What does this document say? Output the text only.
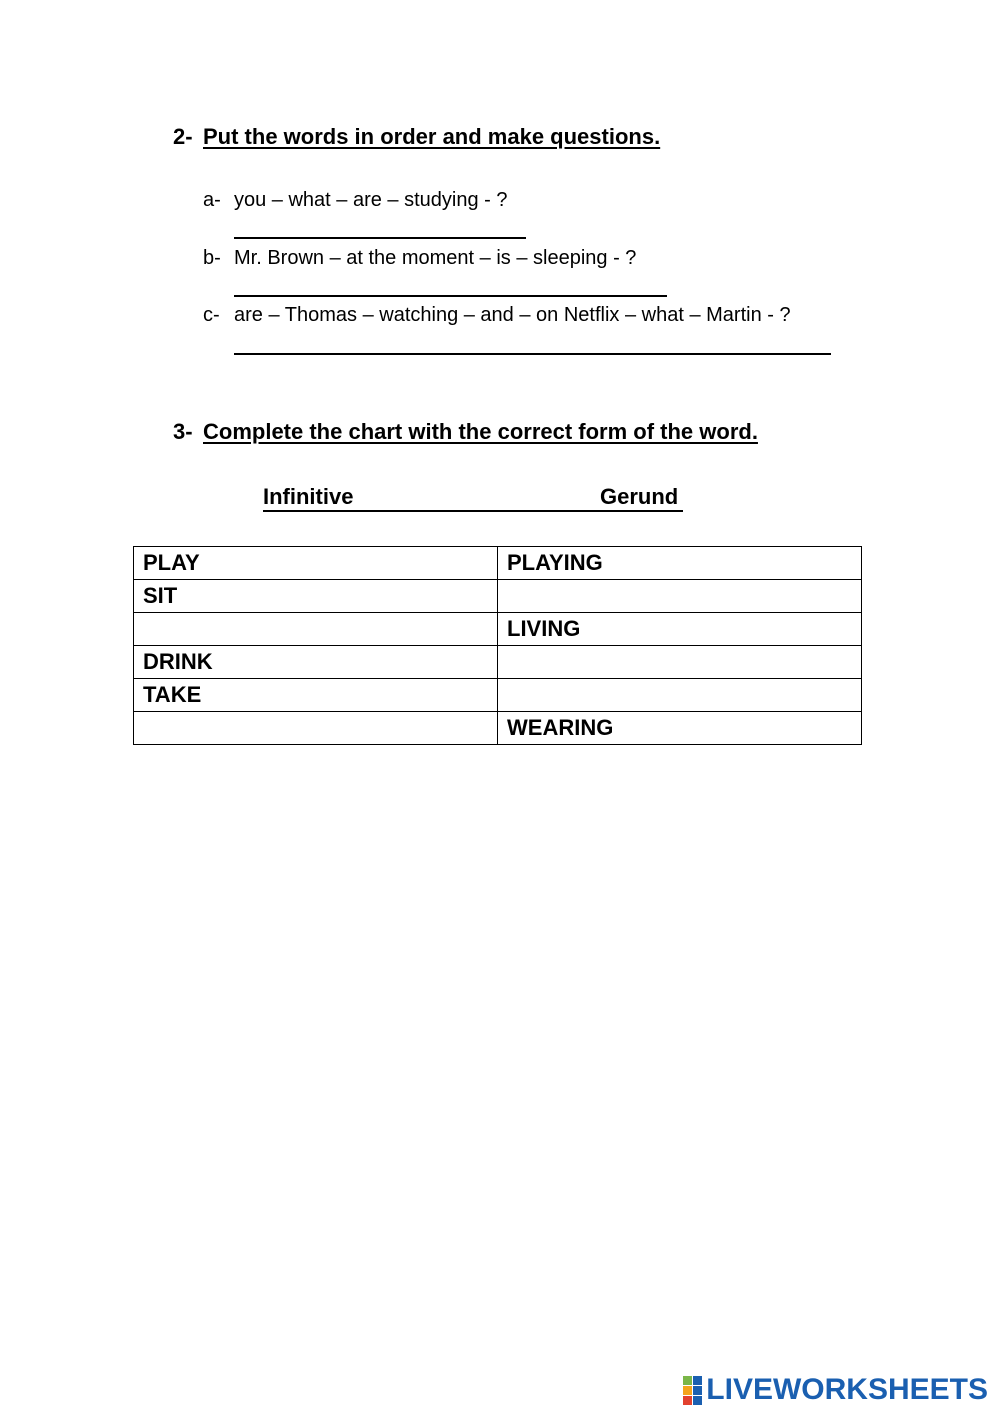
2- Put the words in order and make questions.
a- you – what – are – studying - ?
b- Mr. Brown – at the moment – is – sleeping - ?
c- are – Thomas – watching – and – on Netflix – what – Martin - ?
3- Complete the chart with the correct form of the word.
Infinitive	Gerund
PLAY	PLAYING
SIT	
	LIVING
DRINK	
TAKE	
	WEARING
LIVEWORKSHEETS
